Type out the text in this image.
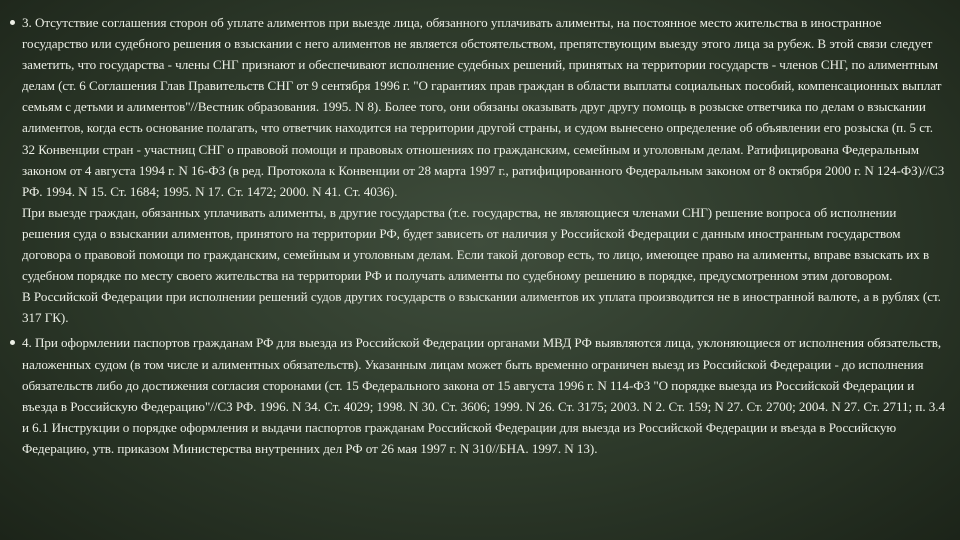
3. Отсутствие соглашения сторон об уплате алиментов при выезде лица, обязанного уплачивать алименты, на постоянное место жительства в иностранное государство или судебного решения о взыскании с него алиментов не является обстоятельством, препятствующим выезду этого лица за рубеж. В этой связи следует заметить, что государства - члены СНГ признают и обеспечивают исполнение судебных решений, принятых на территории государств - членов СНГ, по алиментным делам (ст. 6 Соглашения Глав Правительств СНГ от 9 сентября 1996 г. "О гарантиях прав граждан в области выплаты социальных пособий, компенсационных выплат семьям с детьми и алиментов"//Вестник образования. 1995. N 8). Более того, они обязаны оказывать друг другу помощь в розыске ответчика по делам о взыскании алиментов, когда есть основание полагать, что ответчик находится на территории другой страны, и судом вынесено определение об объявлении его розыска (п. 5 ст. 32 Конвенции стран - участниц СНГ о правовой помощи и правовых отношениях по гражданским, семейным и уголовным делам. Ратифицирована Федеральным законом от 4 августа 1994 г. N 16-ФЗ (в ред. Протокола к Конвенции от 28 марта 1997 г., ратифицированного Федеральным законом от 8 октября 2000 г. N 124-ФЗ)//СЗ РФ. 1994. N 15. Ст. 1684; 1995. N 17. Ст. 1472; 2000. N 41. Ст. 4036).
При выезде граждан, обязанных уплачивать алименты, в другие государства (т.е. государства, не являющиеся членами СНГ) решение вопроса об исполнении решения суда о взыскании алиментов, принятого на территории РФ, будет зависеть от наличия у Российской Федерации с данным иностранным государством договора о правовой помощи по гражданским, семейным и уголовным делам. Если такой договор есть, то лицо, имеющее право на алименты, вправе взыскать их в судебном порядке по месту своего жительства на территории РФ и получать алименты по судебному решению в порядке, предусмотренном этим договором.
В Российской Федерации при исполнении решений судов других государств о взыскании алиментов их уплата производится не в иностранной валюте, а в рублях (ст. 317 ГК).
4. При оформлении паспортов гражданам РФ для выезда из Российской Федерации органами МВД РФ выявляются лица, уклоняющиеся от исполнения обязательств, наложенных судом (в том числе и алиментных обязательств). Указанным лицам может быть временно ограничен выезд из Российской Федерации - до исполнения обязательств либо до достижения согласия сторонами (ст. 15 Федерального закона от 15 августа 1996 г. N 114-ФЗ "О порядке выезда из Российской Федерации и въезда в Российскую Федерацию"//СЗ РФ. 1996. N 34. Ст. 4029; 1998. N 30. Ст. 3606; 1999. N 26. Ст. 3175; 2003. N 2. Ст. 159; N 27. Ст. 2700; 2004. N 27. Ст. 2711; п. 3.4 и 6.1 Инструкции о порядке оформления и выдачи паспортов гражданам Российской Федерации для выезда из Российской Федерации и въезда в Российскую Федерацию, утв. приказом Министерства внутренних дел РФ от 26 мая 1997 г. N 310//БНА. 1997. N 13).
